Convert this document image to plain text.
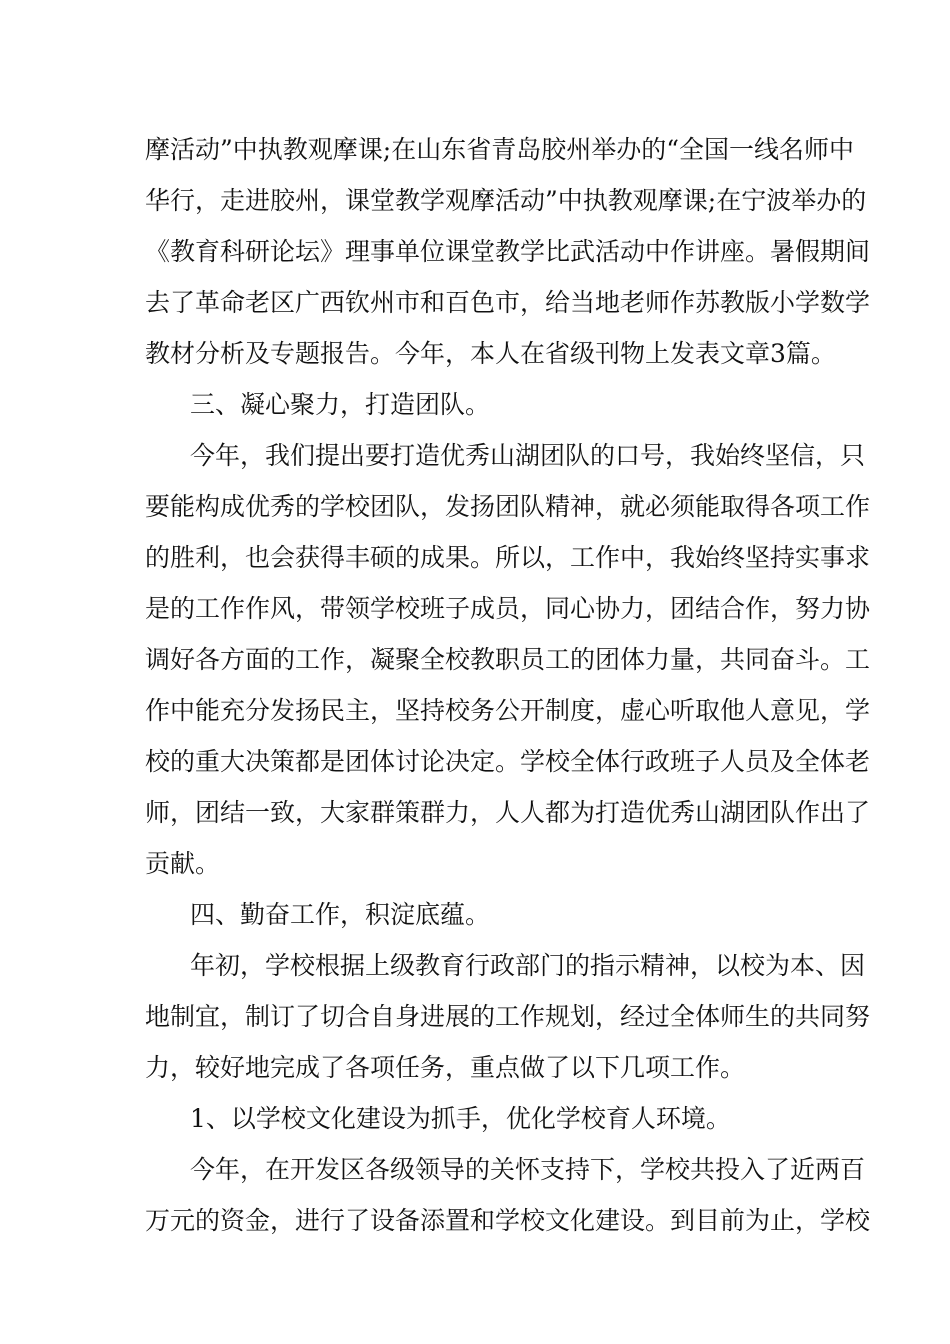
摩活动”中执教观摩课;在山东省青岛胶州举办的“全国一线名师中
华行，走进胶州，课堂教学观摩活动”中执教观摩课;在宁波举办的
《教育科研论坛》理事单位课堂教学比武活动中作讲座。暑假期间
去了革命老区广西钦州市和百色市，给当地老师作苏教版小学数学
教材分析及专题报告。今年，本人在省级刊物上发表文章3篇。
三、凝心聚力，打造团队。
今年，我们提出要打造优秀山湖团队的口号，我始终坚信，只
要能构成优秀的学校团队，发扬团队精神，就必须能取得各项工作
的胜利，也会获得丰硕的成果。所以，工作中，我始终坚持实事求
是的工作作风，带领学校班子成员，同心协力，团结合作，努力协
调好各方面的工作，凝聚全校教职员工的团体力量，共同奋斗。工
作中能充分发扬民主，坚持校务公开制度，虚心听取他人意见，学
校的重大决策都是团体讨论决定。学校全体行政班子人员及全体老
师，团结一致，大家群策群力，人人都为打造优秀山湖团队作出了
贡献。
四、勤奋工作，积淀底蕴。
年初，学校根据上级教育行政部门的指示精神，以校为本、因
地制宜，制订了切合自身进展的工作规划，经过全体师生的共同努
力，较好地完成了各项任务，重点做了以下几项工作。
1、以学校文化建设为抓手，优化学校育人环境。
今年，在开发区各级领导的关怀支持下，学校共投入了近两百
万元的资金，进行了设备添置和学校文化建设。到目前为止，学校
